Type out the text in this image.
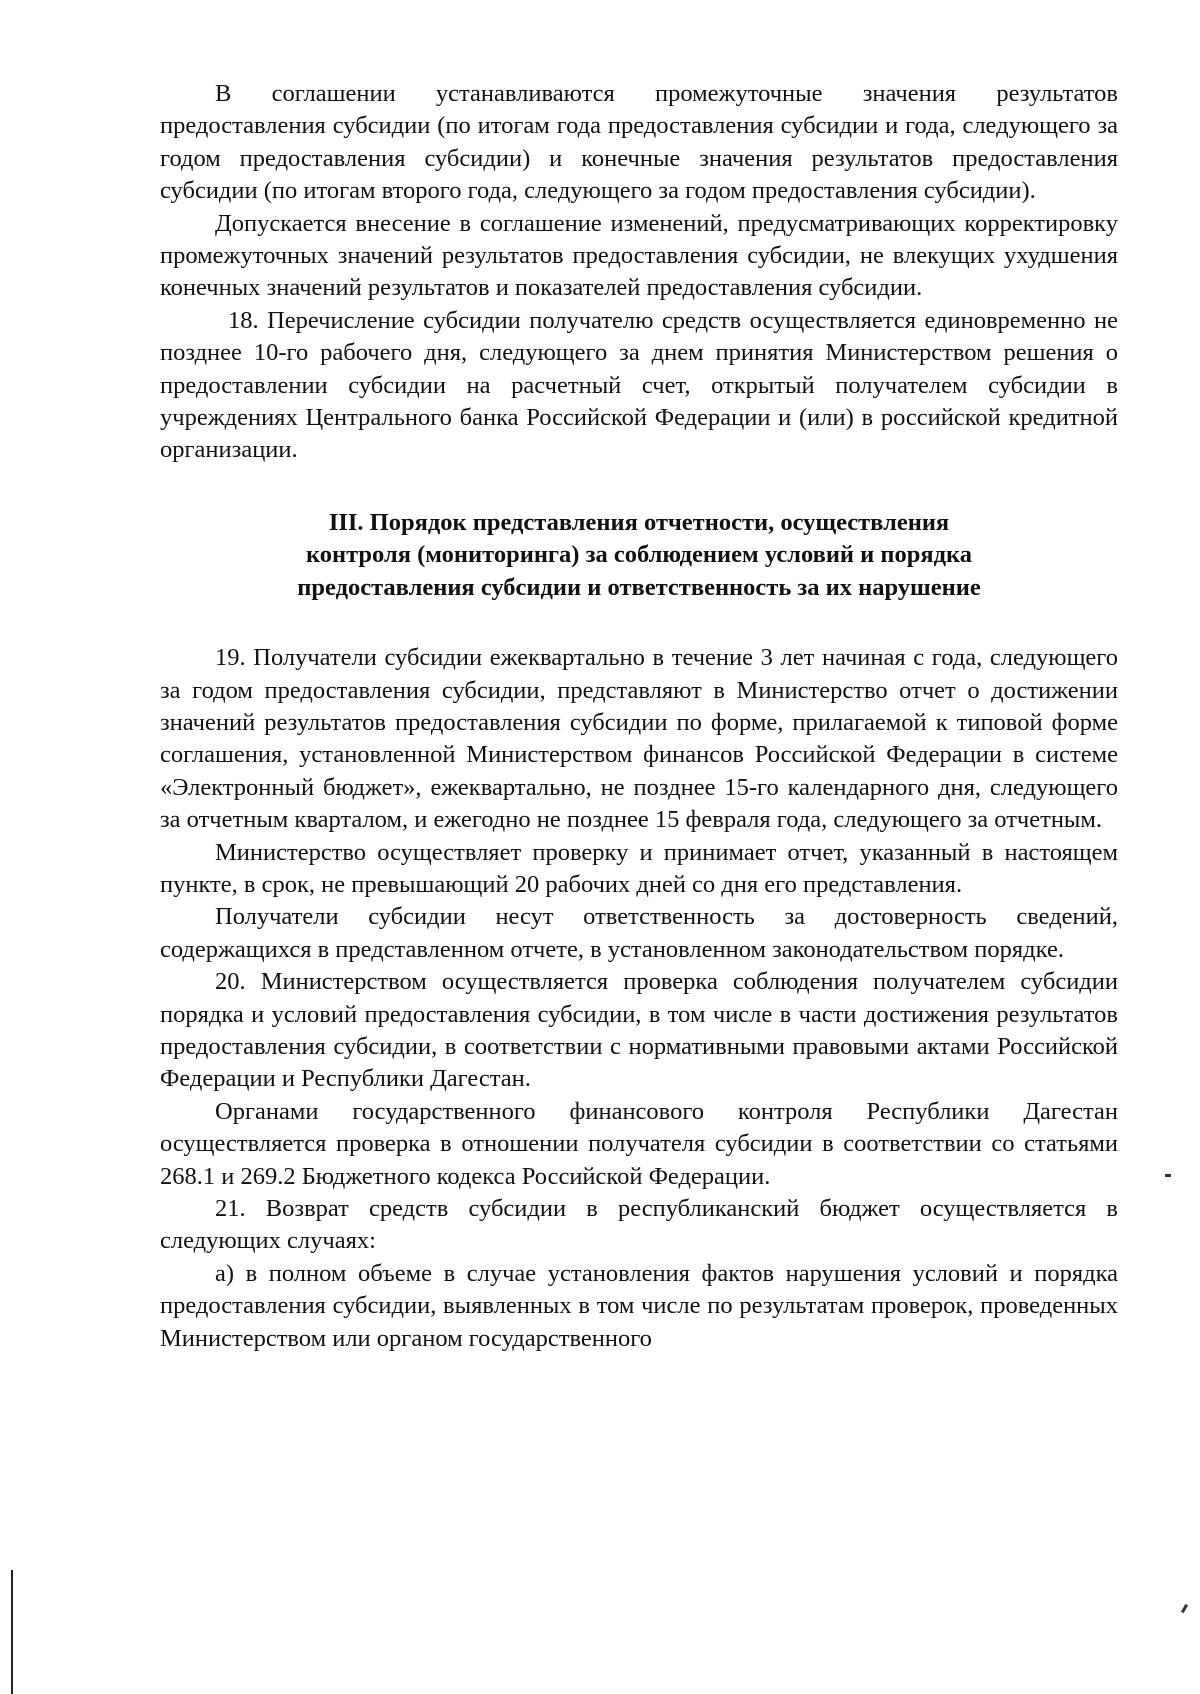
В соглашении устанавливаются промежуточные значения результатов предоставления субсидии (по итогам года предоставления субсидии и года, следующего за годом предоставления субсидии) и конечные значения результатов предоставления субсидии (по итогам второго года, следующего за годом предоставления субсидии).

Допускается внесение в соглашение изменений, предусматривающих корректировку промежуточных значений результатов предоставления субсидии, не влекущих ухудшения конечных значений результатов и показателей предоставления субсидии.

18. Перечисление субсидии получателю средств осуществляется единовременно не позднее 10-го рабочего дня, следующего за днем принятия Министерством решения о предоставлении субсидии на расчетный счет, открытый получателем субсидии в учреждениях Центрального банка Российской Федерации и (или) в российской кредитной организации.

III. Порядок представления отчетности, осуществления
контроля (мониторинга) за соблюдением условий и порядка
предоставления субсидии и ответственность за их нарушение

19. Получатели субсидии ежеквартально в течение 3 лет начиная с года, следующего за годом предоставления субсидии, представляют в Министерство отчет о достижении значений результатов предоставления субсидии по форме, прилагаемой к типовой форме соглашения, установленной Министерством финансов Российской Федерации в системе «Электронный бюджет», ежеквартально, не позднее 15-го календарного дня, следующего за отчетным кварталом, и ежегодно не позднее 15 февраля года, следующего за отчетным.

Министерство осуществляет проверку и принимает отчет, указанный в настоящем пункте, в срок, не превышающий 20 рабочих дней со дня его представления.

Получатели субсидии несут ответственность за достоверность сведений, содержащихся в представленном отчете, в установленном законодательством порядке.

20. Министерством осуществляется проверка соблюдения получателем субсидии порядка и условий предоставления субсидии, в том числе в части достижения результатов предоставления субсидии, в соответствии с нормативными правовыми актами Российской Федерации и Республики Дагестан.

Органами государственного финансового контроля Республики Дагестан осуществляется проверка в отношении получателя субсидии в соответствии со статьями 268.1 и 269.2 Бюджетного кодекса Российской Федерации.

21. Возврат средств субсидии в республиканский бюджет осуществляется в следующих случаях:

а) в полном объеме в случае установления фактов нарушения условий и порядка предоставления субсидии, выявленных в том числе по результатам проверок, проведенных Министерством или органом государственного
